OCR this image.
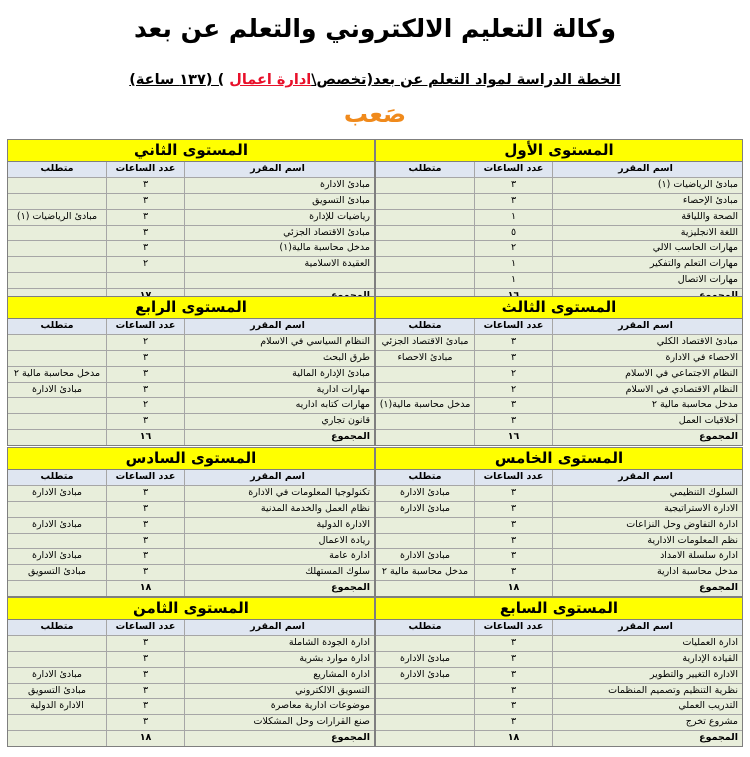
وكالة التعليم الالكتروني والتعلم عن بعد
الخطة الدراسة لمواد التعلم عن بعد(تخصص\ادارة اعمال ) (١٣٧ ساعة)
صَعب
المستوى الأول
اسم المقرر
عدد الساعات
متطلب
مبادئ الرياضيات (١)
٣
مبادئ الإحصاء
٣
الصحة واللياقة
١
اللغة الانجليزية
٥
مهارات الحاسب الالي
٢
مهارات التعلم والتفكير
١
مهارات الاتصال
١
المستوى الثاني
اسم المقرر
عدد الساعات
متطلب
مبادئ الادارة
٣
مبادئ التسويق
٣
رياضيات للإدارة
٣
مبادئ الرياضيات (١)
مبادئ الاقتصاد الجزئي
٣
مدخل محاسبة مالية(١)
٣
العقيدة الاسلامية
٢
المستوى الثالث
اسم المقرر
عدد الساعات
متطلب
مبادئ الاقتصاد الكلي
٣
مبادئ الاقتصاد الجزئي
الاحصاء في الادارة
٣
مبادئ الاحصاء
النظام الاجتماعي في الاسلام
٢
النظام الاقتصادي في الاسلام
٢
مدخل محاسبة مالية ٢
٣
مدخل محاسبة مالية(١)
أخلاقيات العمل
٣
المجموع
١٦
المستوى الرابع
اسم المقرر
عدد الساعات
متطلب
النظام السياسي في الاسلام
٢
طرق البحث
٣
مبادئ الإدارة المالية
٣
مدخل محاسبة مالية ٢
مهارات ادارية
٣
مبادئ الادارة
مهارات كتابه اداريه
٢
قانون تجاري
٣
المجموع
١٦
المستوى الخامس
اسم المقرر
عدد الساعات
متطلب
السلوك التنظيمي
٣
مبادئ الادارة
الادارة الاستراتيجية
٣
مبادئ الادارة
ادارة التفاوض وحل النزاعات
٣
نظم المعلومات الادارية
٣
ادارة سلسلة الامداد
٣
مبادئ الادارة
مدخل محاسبة ادارية
٣
مدخل محاسبة مالية ٢
المجموع
١٨
المستوى السادس
اسم المقرر
عدد الساعات
متطلب
تكنولوجيا المعلومات في الادارة
٣
مبادئ الادارة
نظام العمل والخدمة المدنية
٣
الادارة الدولية
٣
مبادئ الادارة
ريادة الاعمال
٣
ادارة عامة
٣
مبادئ الادارة
سلوك المستهلك
٣
مبادئ التسويق
المجموع
١٨
المستوى السابع
اسم المقرر
عدد الساعات
متطلب
ادارة العمليات
٣
القيادة الإدارية
٣
مبادئ الادارة
الادارة التغيير والتطوير
٣
مبادئ الادارة
نظرية التنظيم وتصميم المنظمات
٣
التدريب العملي
٣
مشروع تخرج
٣
المجموع
١٨
المستوى الثامن
اسم المقرر
عدد الساعات
متطلب
ادارة الجودة الشاملة
٣
ادارة موارد بشرية
٣
ادارة المشاريع
٣
مبادئ الادارة
التسويق الالكتروني
٣
مبادئ التسويق
موضوعات ادارية معاصرة
٣
الادارة الدولية
صنع القرارات وحل المشكلات
٣
المجموع
١٨
